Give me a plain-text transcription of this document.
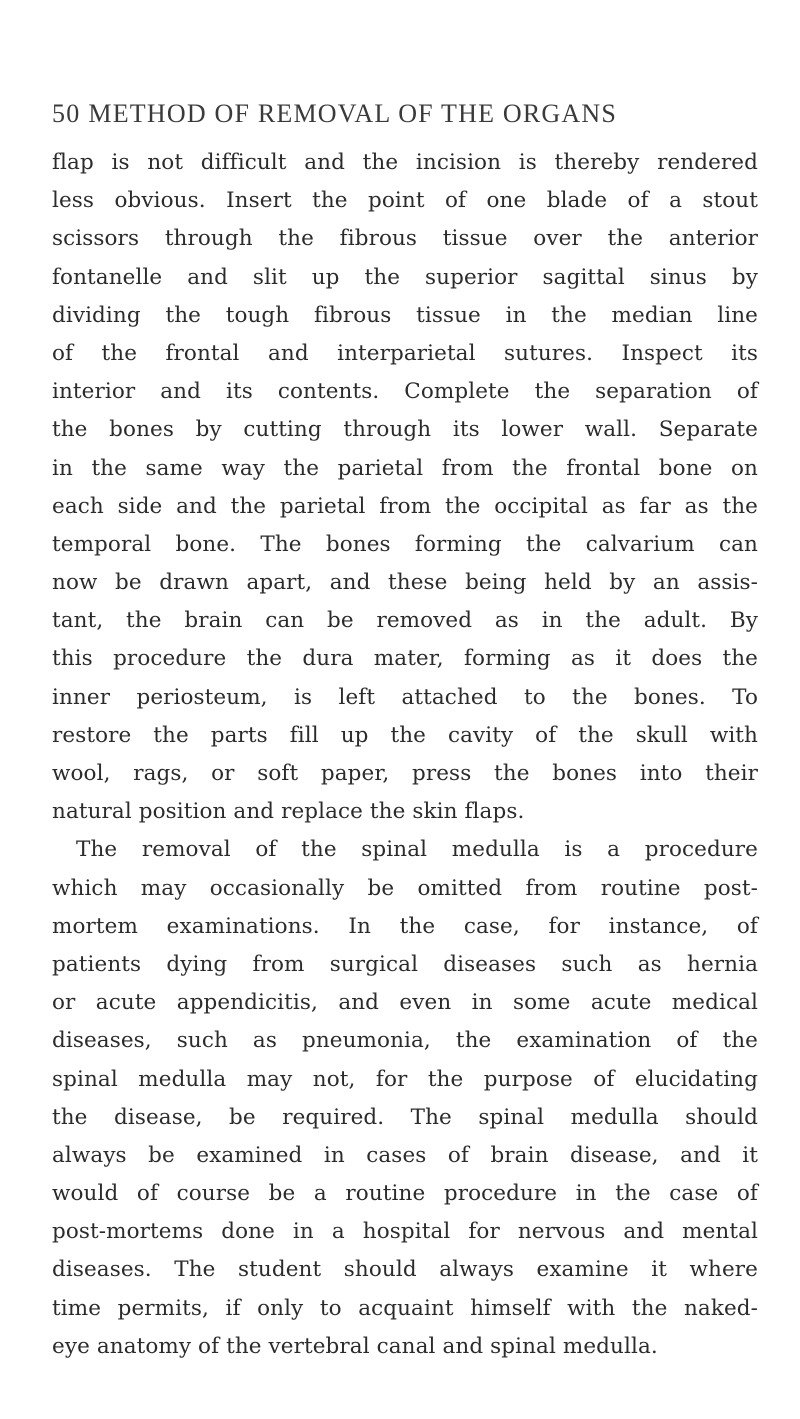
50 METHOD OF REMOVAL OF THE ORGANS
flap is not difficult and the incision is thereby rendered
less obvious. Insert the point of one blade of a stout
scissors through the fibrous tissue over the anterior
fontanelle and slit up the superior sagittal sinus by
dividing the tough fibrous tissue in the median line
of the frontal and interparietal sutures. Inspect its
interior and its contents. Complete the separation of
the bones by cutting through its lower wall. Separate
in the same way the parietal from the frontal bone on
each side and the parietal from the occipital as far as the
temporal bone. The bones forming the calvarium can
now be drawn apart, and these being held by an assis-
tant, the brain can be removed as in the adult. By
this procedure the dura mater, forming as it does the
inner periosteum, is left attached to the bones. To
restore the parts fill up the cavity of the skull with
wool, rags, or soft paper, press the bones into their
natural position and replace the skin flaps.
The removal of the spinal medulla is a procedure
which may occasionally be omitted from routine post-
mortem examinations. In the case, for instance, of
patients dying from surgical diseases such as hernia
or acute appendicitis, and even in some acute medical
diseases, such as pneumonia, the examination of the
spinal medulla may not, for the purpose of elucidating
the disease, be required. The spinal medulla should
always be examined in cases of brain disease, and it
would of course be a routine procedure in the case of
post-mortems done in a hospital for nervous and mental
diseases. The student should always examine it where
time permits, if only to acquaint himself with the naked-
eye anatomy of the vertebral canal and spinal medulla.
